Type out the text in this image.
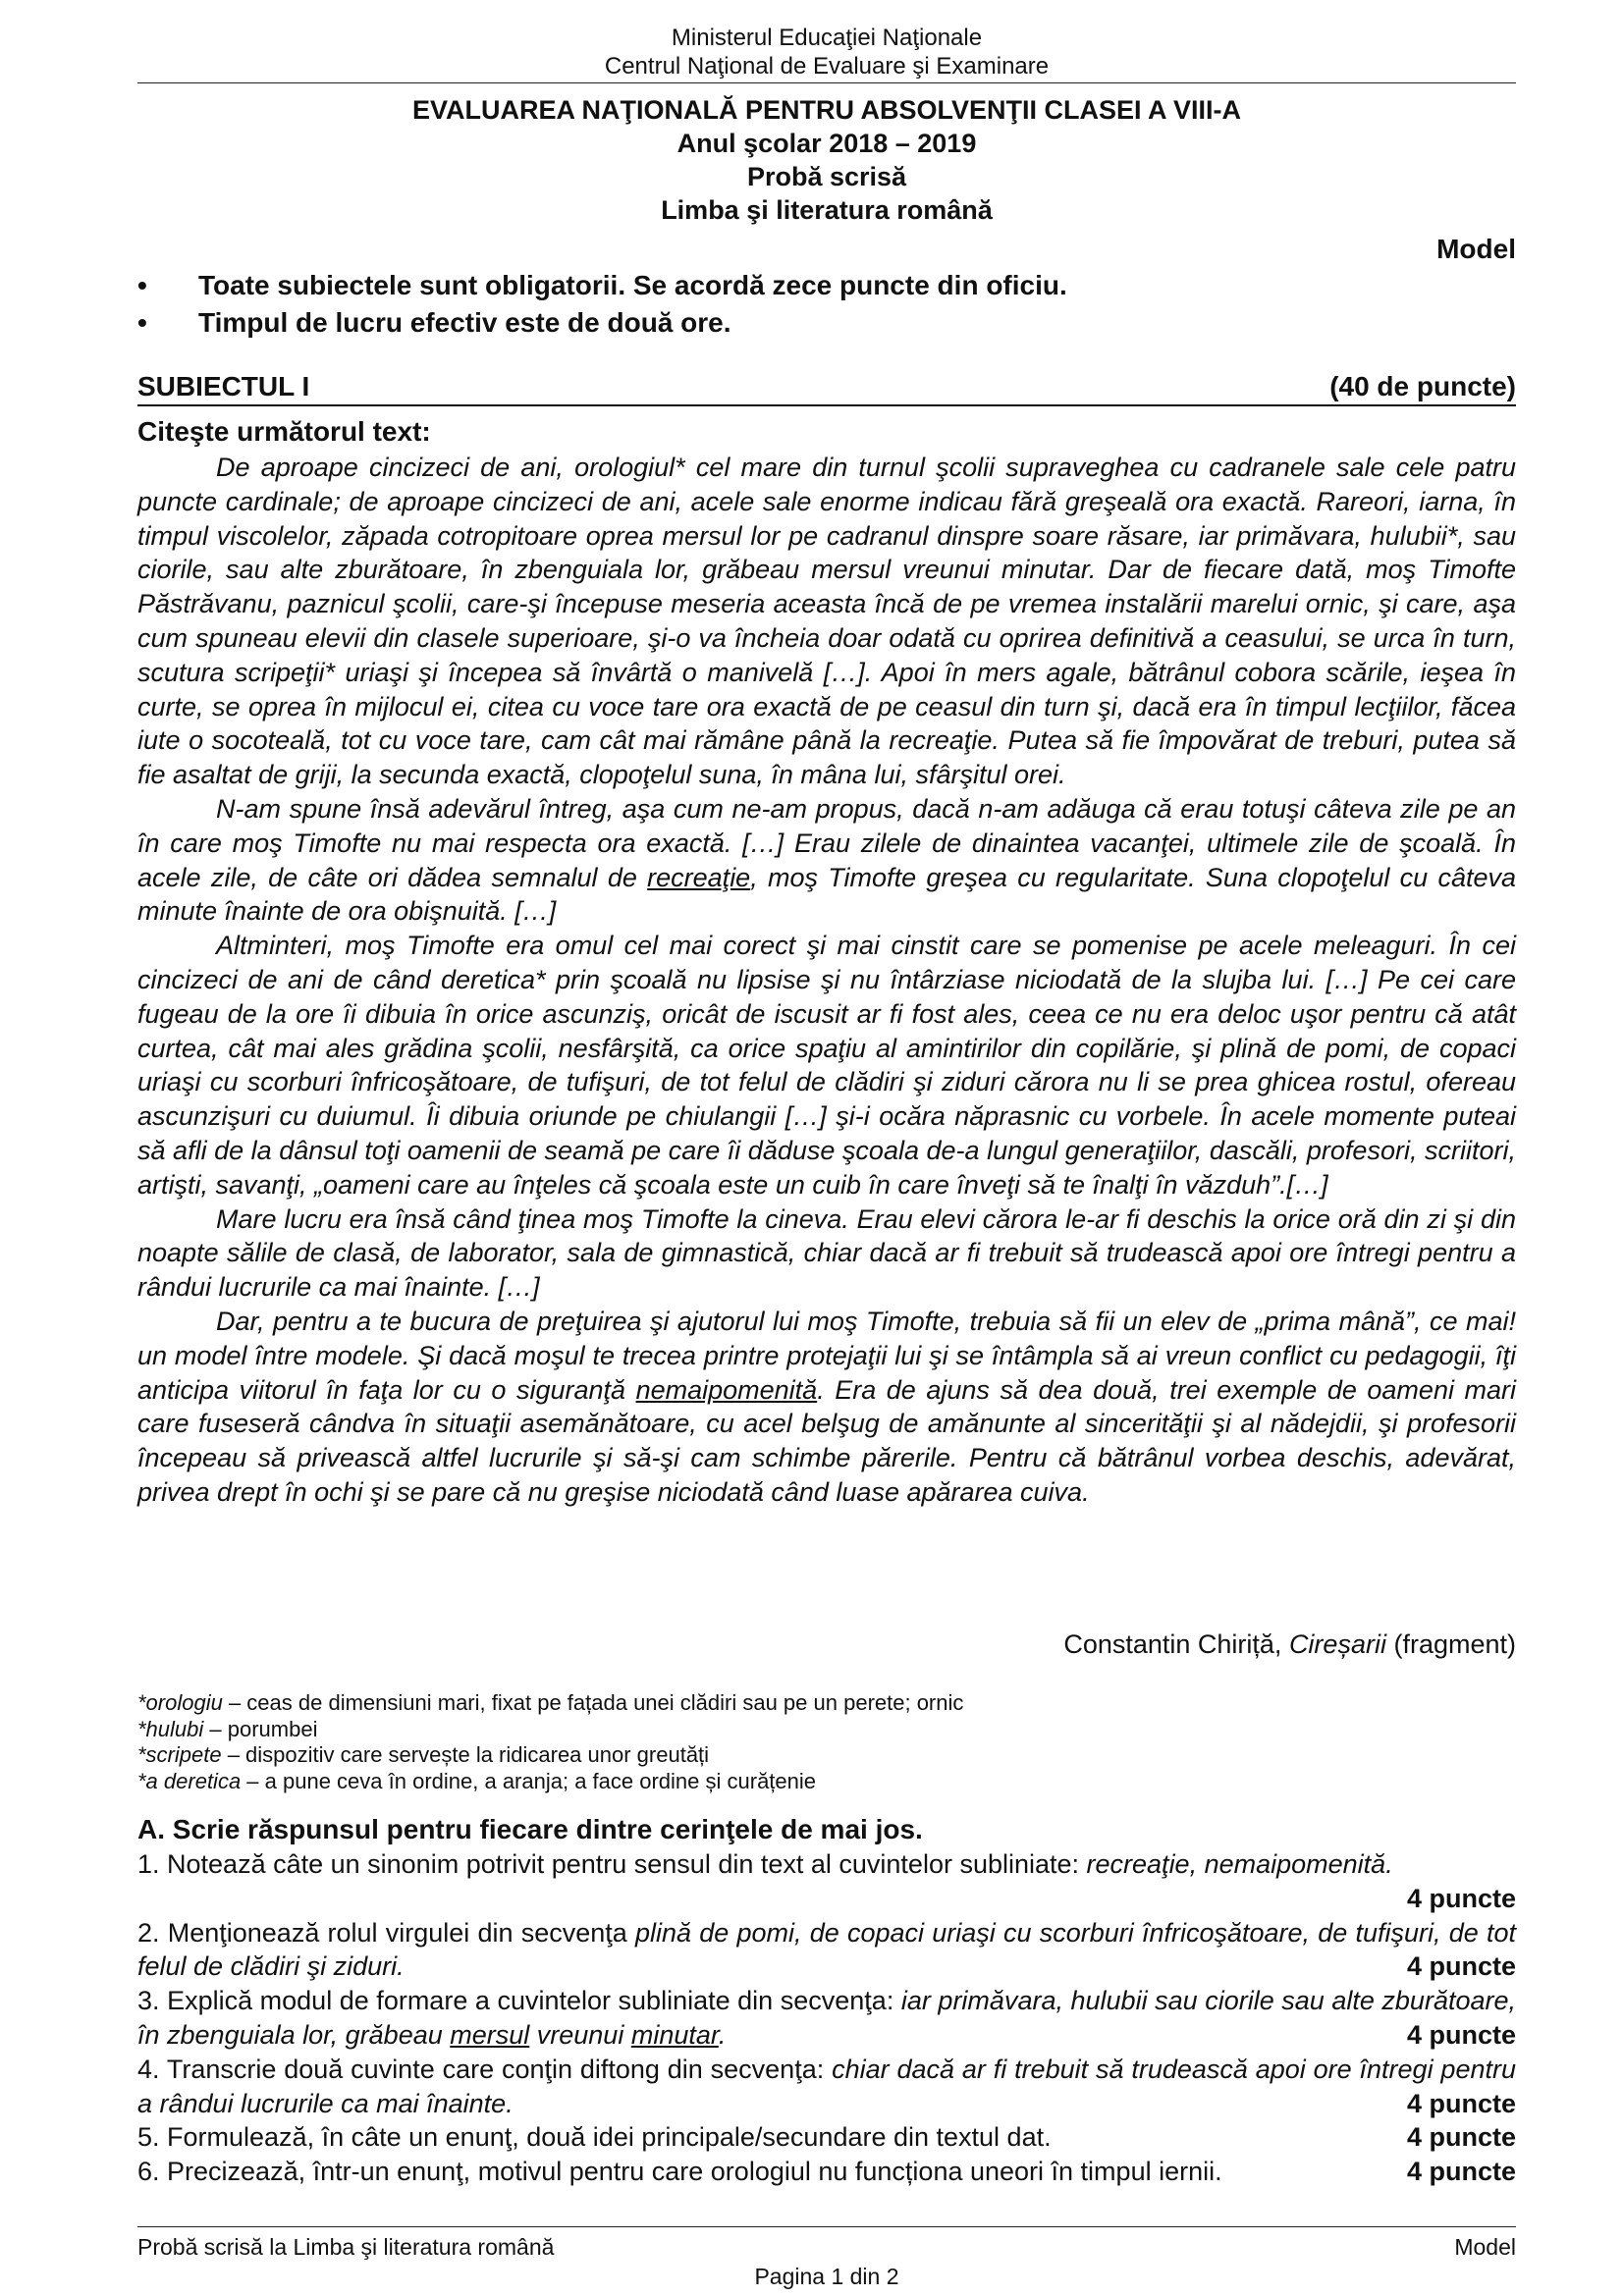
Ministerul Educaţiei Naţionale
Centrul Naţional de Evaluare şi Examinare
EVALUAREA NAŢIONALĂ PENTRU ABSOLVENŢII CLASEI A VIII-A
Anul şcolar 2018 – 2019
Probă scrisă
Limba şi literatura română
Model
• Toate subiectele sunt obligatorii. Se acordă zece puncte din oficiu.
• Timpul de lucru efectiv este de două ore.
SUBIECTUL I	(40 de puncte)
Citeşte următorul text:

De aproape cincizeci de ani, orologiul* cel mare din turnul şcolii supraveghea cu cadranele sale cele patru puncte cardinale; de aproape cincizeci de ani, acele sale enorme indicau fără greşeală ora exactă. Rareori, iarna, în timpul viscolelor, zăpada cotropitoare oprea mersul lor pe cadranul dinspre soare răsare, iar primăvara, hulubii*, sau ciorile, sau alte zburătoare, în zbenguiala lor, grăbeau mersul vreunui minutar. Dar de fiecare dată, moş Timofte Păstrăvanu, paznicul şcolii, care-şi începuse meseria aceasta încă de pe vremea instalării marelui ornic, şi care, aşa cum spuneau elevii din clasele superioare, şi-o va încheia doar odată cu oprirea definitivă a ceasului, se urca în turn, scutura scripeţii* uriaşi şi începea să învârtă o manivelă […]. Apoi în mers agale, bătrânul cobora scările, ieşea în curte, se oprea în mijlocul ei, citea cu voce tare ora exactă de pe ceasul din turn şi, dacă era în timpul lecţiilor, făcea iute o socoteală, tot cu voce tare, cam cât mai rămâne până la recreaţie. Putea să fie împovărat de treburi, putea să fie asaltat de griji, la secunda exactă, clopoţelul suna, în mâna lui, sfârşitul orei.

N-am spune însă adevărul întreg, aşa cum ne-am propus, dacă n-am adăuga că erau totuşi câteva zile pe an în care moş Timofte nu mai respecta ora exactă. […] Erau zilele de dinaintea vacanţei, ultimele zile de şcoală. În acele zile, de câte ori dădea semnalul de recreaţie, moş Timofte greşea cu regularitate. Suna clopoţelul cu câteva minute înainte de ora obişnuită. […]

Altminteri, moş Timofte era omul cel mai corect şi mai cinstit care se pomenise pe acele meleaguri. În cei cincizeci de ani de când deretica* prin şcoală nu lipsise şi nu întârziase niciodată de la slujba lui. […] Pe cei care fugeau de la ore îi dibuia în orice ascunziş, oricât de iscusit ar fi fost ales, ceea ce nu era deloc uşor pentru că atât curtea, cât mai ales grădina şcolii, nesfârşită, ca orice spaţiu al amintirilor din copilărie, şi plină de pomi, de copaci uriaşi cu scorburi înfricoşătoare, de tufişuri, de tot felul de clădiri şi ziduri cărora nu li se prea ghicea rostul, ofereau ascunzişuri cu duiumul. Îi dibuia oriunde pe chiulangii […] şi-i ocăra năprasnic cu vorbele. În acele momente puteai să afli de la dânsul toţi oamenii de seamă pe care îi dăduse şcoala de-a lungul generaţiilor, dascăli, profesori, scriitori, artişti, savanţi, „oameni care au înţeles că şcoala este un cuib în care înveţi să te înalţi în văzduh”.[…]

Mare lucru era însă când ţinea moş Timofte la cineva. Erau elevi cărora le-ar fi deschis la orice oră din zi şi din noapte sălile de clasă, de laborator, sala de gimnastică, chiar dacă ar fi trebuit să trudească apoi ore întregi pentru a rândui lucrurile ca mai înainte. […]

Dar, pentru a te bucura de preţuirea şi ajutorul lui moş Timofte, trebuia să fii un elev de „prima mână”, ce mai! un model între modele. Şi dacă moşul te trecea printre protejaţii lui şi se întâmpla să ai vreun conflict cu pedagogii, îţi anticipa viitorul în faţa lor cu o siguranţă nemaipomenită. Era de ajuns să dea două, trei exemple de oameni mari care fuseseră cândva în situaţii asemănătoare, cu acel belşug de amănunte al sincerităţii şi al nădejdii, şi profesorii începeau să privească altfel lucrurile şi să-şi cam schimbe părerile. Pentru că bătrânul vorbea deschis, adevărat, privea drept în ochi şi se pare că nu greşise niciodată când luase apărarea cuiva.

Constantin Chiriță, Cireșarii (fragment)
*orologiu – ceas de dimensiuni mari, fixat pe fațada unei clădiri sau pe un perete; ornic
*hulubi – porumbei
*scripete – dispozitiv care servește la ridicarea unor greutăți
*a deretica – a pune ceva în ordine, a aranja; a face ordine și curățenie
A. Scrie răspunsul pentru fiecare dintre cerinţele de mai jos.
1. Notează câte un sinonim potrivit pentru sensul din text al cuvintelor subliniate: recreaţie, nemaipomenită.
4 puncte
2. Menţionează rolul virgulei din secvenţa plină de pomi, de copaci uriaşi cu scorburi înfricoşătoare, de tufişuri, de tot felul de clădiri şi ziduri.	4 puncte
3. Explică modul de formare a cuvintelor subliniate din secvenţa: iar primăvara, hulubii sau ciorile sau alte zburătoare, în zbenguiala lor, grăbeau mersul vreunui minutar.	4 puncte
4. Transcrie două cuvinte care conţin diftong din secvenţa: chiar dacă ar fi trebuit să trudească apoi ore întregi pentru a rândui lucrurile ca mai înainte.	4 puncte
5. Formulează, în câte un enunţ, două idei principale/secundare din textul dat.	4 puncte
6. Precizează, într-un enunţ, motivul pentru care orologiul nu funcționa uneori în timpul iernii.	4 puncte
Probă scrisă la Limba şi literatura română	Model
Pagina 1 din 2
